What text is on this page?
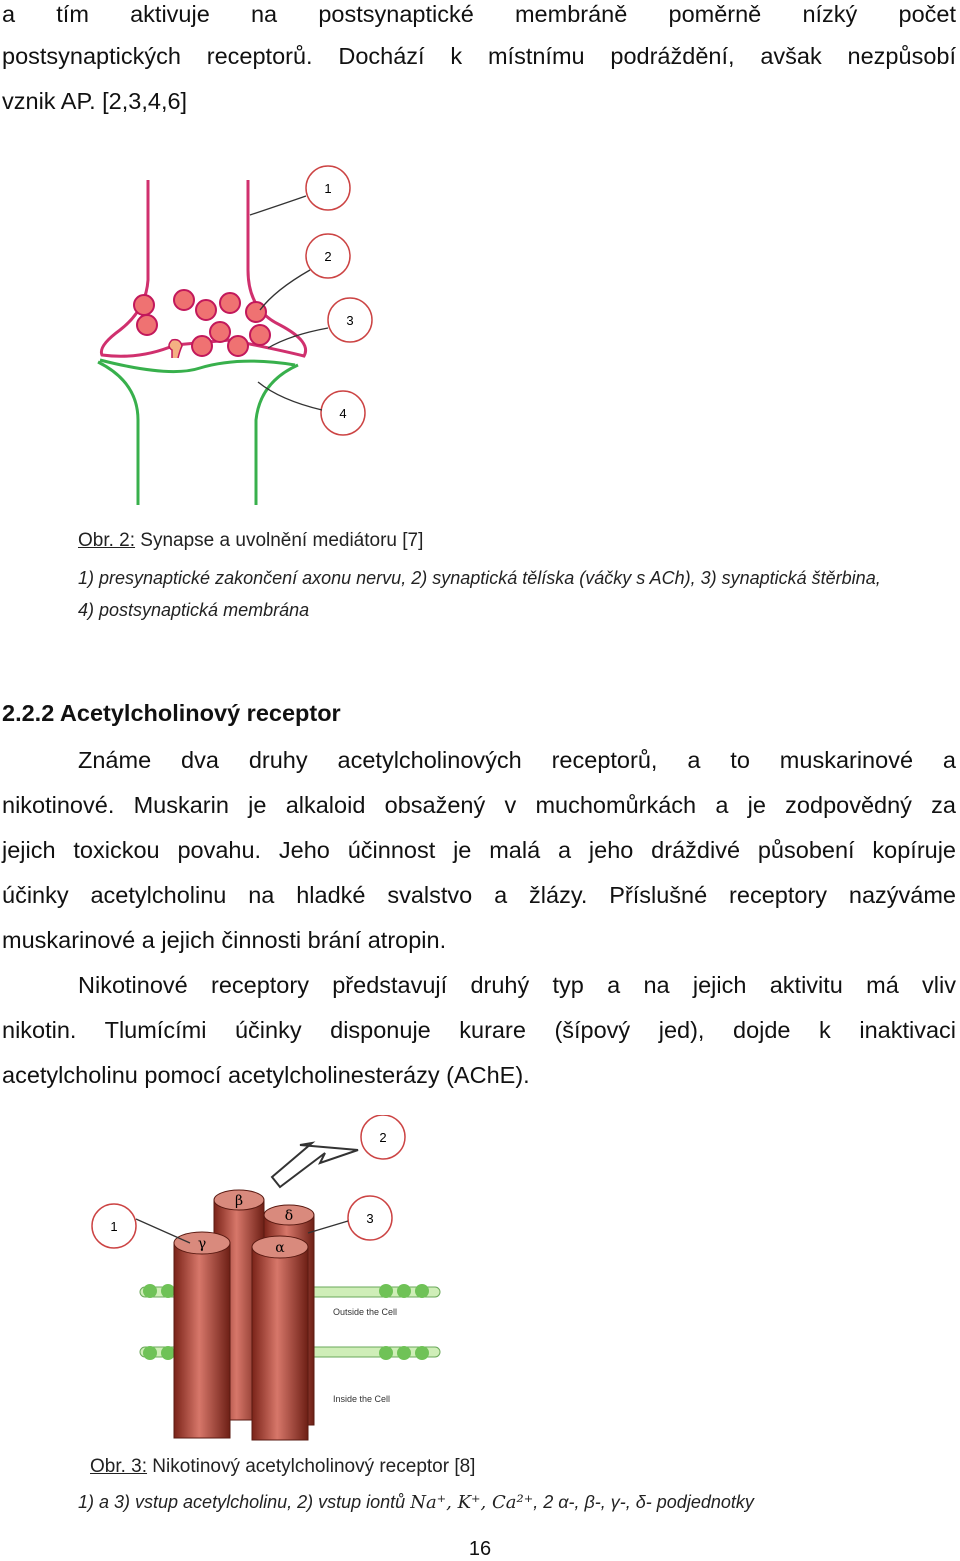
a tím aktivuje na postsynaptické membráně poměrně nízký počet
postsynaptických receptorů. Dochází k místnímu podráždění, avšak nezpůsobí
vznik AP. [2,3,4,6]
1
2
3
4
Obr. 2: Synapse a uvolnění mediátoru [7]
1) presynaptické zakončení axonu nervu, 2) synaptická tělíska (váčky s ACh), 3) synaptická štěrbina,
4) postsynaptická membrána
2.2.2 Acetylcholinový receptor
Známe dva druhy acetylcholinových receptorů, a to muskarinové a
nikotinové. Muskarin je alkaloid obsažený v muchomůrkách a je zodpovědný za
jejich toxickou povahu. Jeho účinnost je malá a jeho dráždivé působení kopíruje
účinky acetylcholinu na hladké svalstvo a žlázy. Příslušné receptory nazýváme
muskarinové a jejich činnosti brání atropin.
Nikotinové receptory představují druhý typ a na jejich aktivitu má vliv
nikotin. Tlumícími účinky disponuje kurare (šípový jed), dojde k inaktivaci
acetylcholinu pomocí acetylcholinesterázy (AChE).
β
δ
γ	α
Outside the Cell
Inside the Cell
1
2
3
Obr. 3: Nikotinový acetylcholinový receptor [8]
1) a 3) vstup acetylcholinu, 2) vstup iontů Na⁺, K⁺, Ca²⁺, 2 α-, β-, γ-, δ- podjednotky
16
